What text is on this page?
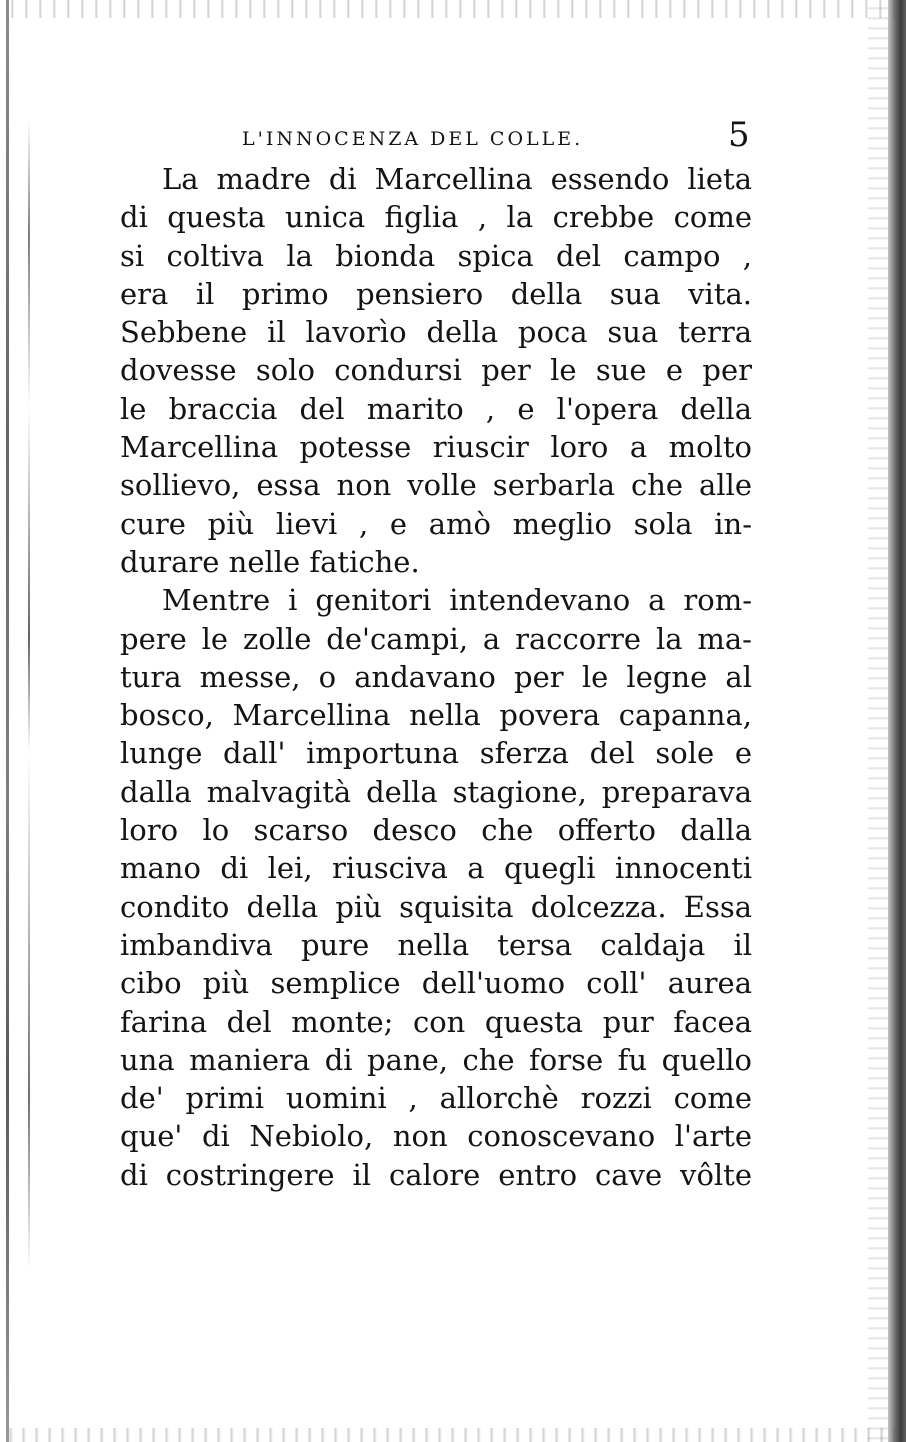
L'INNOCENZA DEL COLLE.	5
La madre di Marcellina essendo lieta
di questa unica figlia , la crebbe come
si coltiva la bionda spica del campo ,
era il primo pensiero della sua vita.
Sebbene il lavorìo della poca sua terra
dovesse solo condursi per le sue e per
le braccia del marito , e l'opera della
Marcellina potesse riuscir loro a molto
sollievo, essa non volle serbarla che alle
cure più lievi , e amò meglio sola in-
durare nelle fatiche.
Mentre i genitori intendevano a rom-
pere le zolle de'campi, a raccorre la ma-
tura messe, o andavano per le legne al
bosco, Marcellina nella povera capanna,
lunge dall' importuna sferza del sole e
dalla malvagità della stagione, preparava
loro lo scarso desco che offerto dalla
mano di lei, riusciva a quegli innocenti
condito della più squisita dolcezza. Essa
imbandiva pure nella tersa caldaja il
cibo più semplice dell'uomo coll' aurea
farina del monte; con questa pur facea
una maniera di pane, che forse fu quello
de' primi uomini , allorchè rozzi come
que' di Nebiolo, non conoscevano l'arte
di costringere il calore entro cave vôlte
